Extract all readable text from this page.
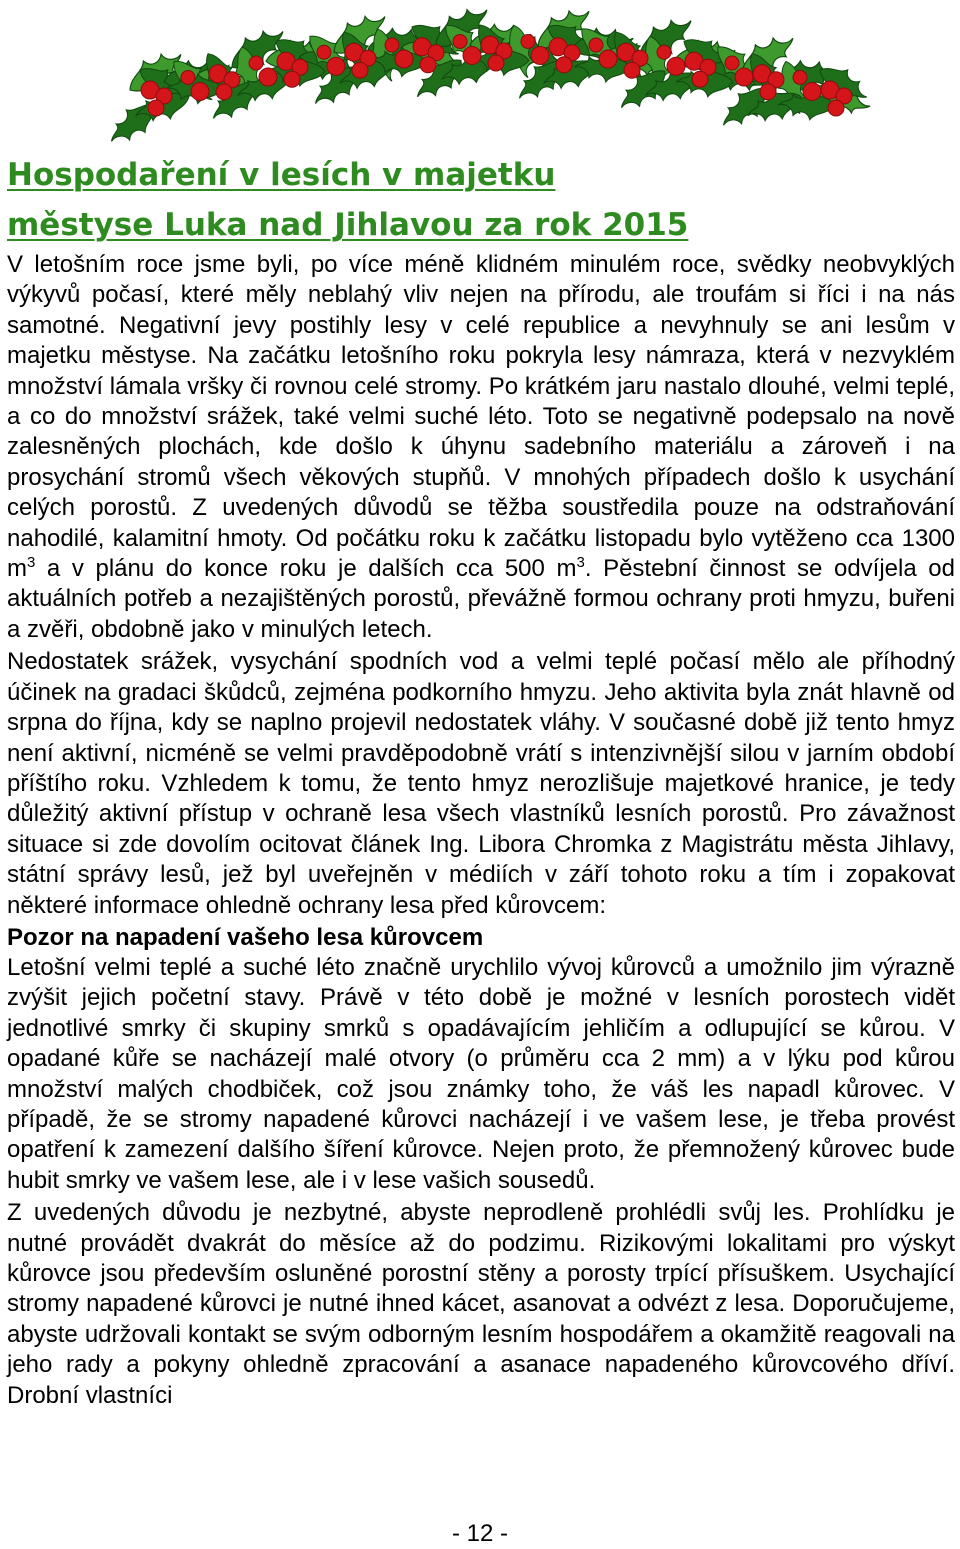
Hospodaření v lesích v majetku
městyse Luka nad Jihlavou za rok 2015

V letošním roce jsme byli, po více méně klidném minulém roce, svědky neobvyklých výkyvů počasí, které měly neblahý vliv nejen na přírodu, ale troufám si říci i na nás samotné. Negativní jevy postihly lesy v celé republice a nevyhnuly se ani lesům v majetku městyse. Na začátku letošního roku pokryla lesy námraza, která v nezvyklém množství lámala vršky či rovnou celé stromy. Po krátkém jaru nastalo dlouhé, velmi teplé, a co do množství srážek, také velmi suché léto. Toto se negativně podepsalo na nově zalesněných plochách, kde došlo k úhynu sadebního materiálu a zároveň i na prosychání stromů všech věkových stupňů. V mnohých případech došlo k usychání celých porostů. Z uvedených důvodů se těžba soustředila pouze na odstraňování nahodilé, kalamitní hmoty. Od počátku roku k začátku listopadu bylo vytěženo cca 1300 $m^3$ a v plánu do konce roku je dalších cca 500 $m^3$. Pěstební činnost se odvíjela od aktuálních potřeb a nezajištěných porostů, převážně formou ochrany proti hmyzu, buřeni a zvěři, obdobně jako v minulých letech.

Nedostatek srážek, vysychání spodních vod a velmi teplé počasí mělo ale příhodný účinek na gradaci škůdců, zejména podkorního hmyzu. Jeho aktivita byla znát hlavně od srpna do října, kdy se naplno projevil nedostatek vláhy. V současné době již tento hmyz není aktivní, nicméně se velmi pravděpodobně vrátí s intenzivnější silou v jarním období příštího roku. Vzhledem k tomu, že tento hmyz nerozlišuje majetkové hranice, je tedy důležitý aktivní přístup v ochraně lesa všech vlastníků lesních porostů. Pro závažnost situace si zde dovolím ocitovat článek Ing. Libora Chromka z Magistrátu města Jihlavy, státní správy lesů, jež byl uveřejněn v médiích v září tohoto roku a tím i zopakovat některé informace ohledně ochrany lesa před kůrovcem:

Pozor na napadení vašeho lesa kůrovcem

Letošní velmi teplé a suché léto značně urychlilo vývoj kůrovců a umožnilo jim výrazně zvýšit jejich početní stavy. Právě v této době je možné v lesních porostech vidět jednotlivé smrky či skupiny smrků s opadávajícím jehličím a odlupující se kůrou. V opadané kůře se nacházejí malé otvory (o průměru cca 2 mm) a v lýku pod kůrou množství malých chodbiček, což jsou známky toho, že váš les napadl kůrovec. V případě, že se stromy napadené kůrovci nacházejí i ve vašem lese, je třeba provést opatření k zamezení dalšího šíření kůrovce. Nejen proto, že přemnožený kůrovec bude hubit smrky ve vašem lese, ale i v lese vašich sousedů.

Z uvedených důvodu je nezbytné, abyste neprodleně prohlédli svůj les. Prohlídku je nutné provádět dvakrát do měsíce až do podzimu. Rizikovými lokalitami pro výskyt kůrovce jsou především osluněné porostní stěny a porosty trpící přísuškem. Usychající stromy napadené kůrovci je nutné ihned kácet, asanovat a odvézt z lesa. Doporučujeme, abyste udržovali kontakt se svým odborným lesním hospodářem a okamžitě reagovali na jeho rady a pokyny ohledně zpracování a asanace napadeného kůrovcového dříví. Drobní vlastníci

- 12 -
